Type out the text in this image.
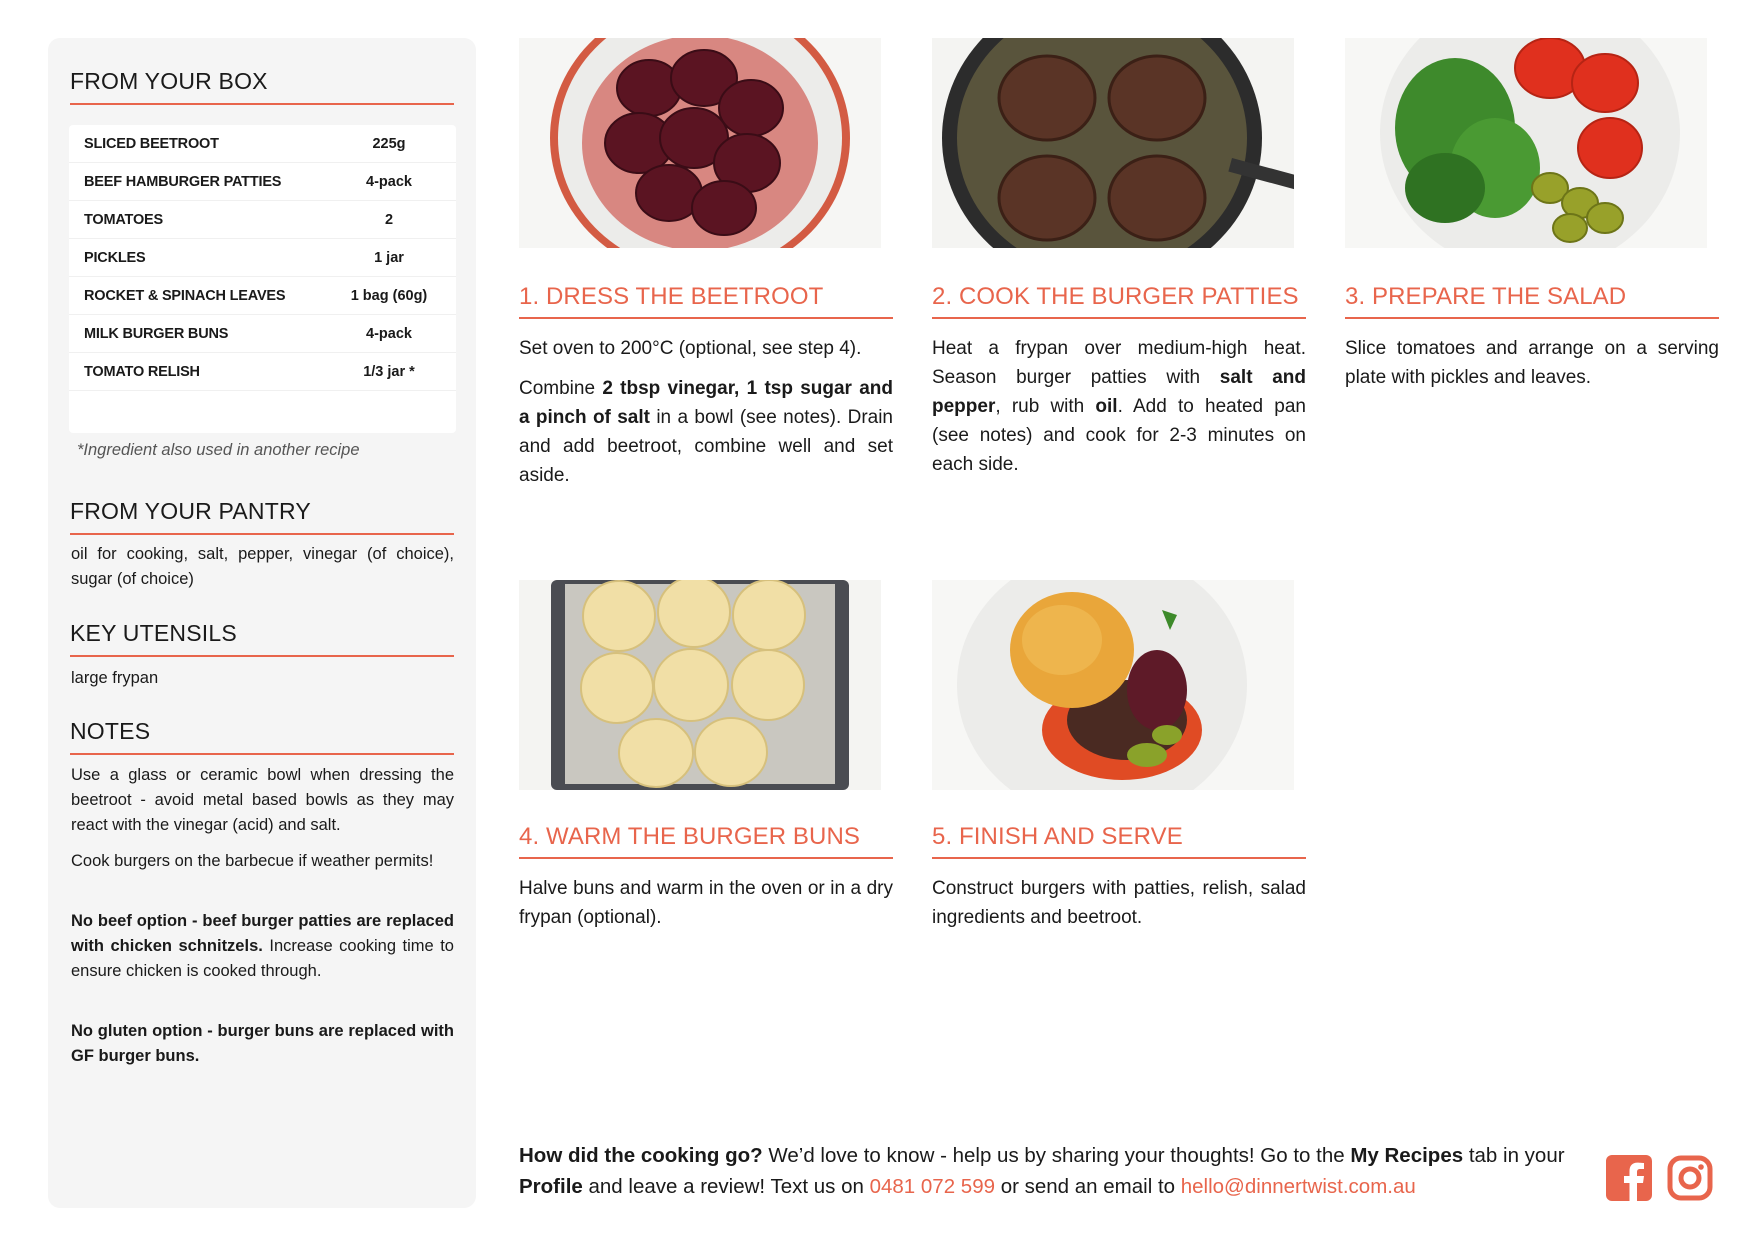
FROM YOUR BOX
SLICED BEETROOT	225g
BEEF HAMBURGER PATTIES	4-pack
TOMATOES	2
PICKLES	1 jar
ROCKET & SPINACH LEAVES	1 bag (60g)
MILK BURGER BUNS	4-pack
TOMATO RELISH	1/3 jar *
*Ingredient also used in another recipe
FROM YOUR PANTRY
oil for cooking, salt, pepper, vinegar (of choice), sugar (of choice)
KEY UTENSILS
large frypan
NOTES
Use a glass or ceramic bowl when dressing the beetroot - avoid metal based bowls as they may react with the vinegar (acid) and salt.
Cook burgers on the barbecue if weather permits!
No beef option - beef burger patties are replaced with chicken schnitzels. Increase cooking time to ensure chicken is cooked through.
No gluten option - burger buns are replaced with GF burger buns.
1. DRESS THE BEETROOT
Set oven to 200°C (optional, see step 4).
Combine 2 tbsp vinegar, 1 tsp sugar and a pinch of salt in a bowl (see notes). Drain and add beetroot, combine well and set aside.
2. COOK THE BURGER PATTIES
Heat a frypan over medium-high heat. Season burger patties with salt and pepper, rub with oil. Add to heated pan (see notes) and cook for 2-3 minutes on each side.
3. PREPARE THE SALAD
Slice tomatoes and arrange on a serving plate with pickles and leaves.
4. WARM THE BURGER BUNS
Halve buns and warm in the oven or in a dry frypan (optional).
5. FINISH AND SERVE
Construct burgers with patties, relish, salad ingredients and beetroot.
How did the cooking go? We’d love to know - help us by sharing your thoughts! Go to the My Recipes tab in your Profile and leave a review! Text us on 0481 072 599 or send an email to hello@dinnertwist.com.au
